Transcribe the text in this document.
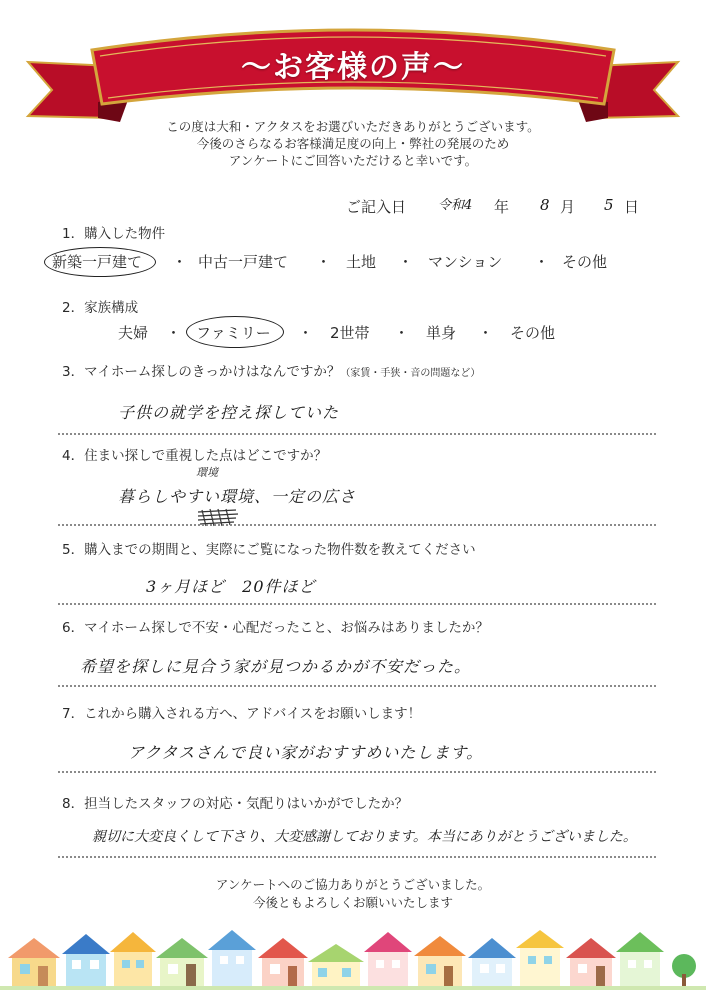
～お客様の声～
この度は大和・アクタスをお選びいただきありがとうございます。
今後のさらなるお客様満足度の向上・弊社の発展のため
アンケートにご回答いただけると幸いです。
ご記入日 令和4 年 8 月 5 日
1．購入した物件
新築一戸建て ・ 中古一戸建て ・ 土地 ・ マンション ・ その他
2．家族構成
夫婦 ・ ファミリー ・ 2世帯 ・ 単身 ・ その他
3．マイホーム探しのきっかけはなんですか？（家賃・手狭・音の問題など）
子供の就学を控え探していた
4．住まい探しで重視した点はどこですか？
環境
暮らしやすい環境、一定の広さ
5．購入までの期間と、実際にご覧になった物件数を教えてください
3ヶ月ほど　20件ほど
6．マイホーム探しで不安・心配だったこと、お悩みはありましたか？
希望を探しに見合う家が見つかるかが不安だった。
7．これから購入される方へ、アドバイスをお願いします！
アクタスさんで良い家がおすすめいたします。
8．担当したスタッフの対応・気配りはいかがでしたか？
親切に大変良くして下さり、大変感謝しております。本当にありがとうございました。
アンケートへのご協力ありがとうございました。
今後ともよろしくお願いいたします
